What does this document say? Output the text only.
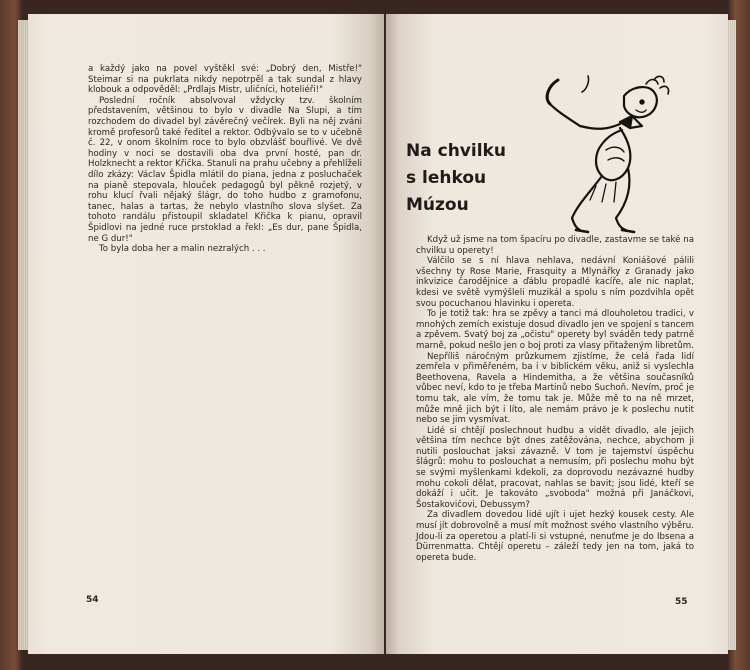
a každý jako na povel vyštěkl své: „Dobrý den, Mistře!" Steimar si na pukrlata nikdy nepotrpěl a tak sundal z hlavy klobouk a odpověděl: „Prdlajs Mistr, uličníci, hoteliéři!"

Poslední ročník absolvoval vždycky tzv. školním představením, většinou to bylo v divadle Na Slupi, a tím rozchodem do divadel byl závěrečný večírek. Byli na něj zváni kromě profesorů také ředitel a rektor. Odbývalo se to v učebně č. 22, v onom školním roce to bylo obzvlášť bouřlivé. Ve dvě hodiny v noci se dostavili oba dva první hosté, pan dr. Holzknecht a rektor Křička. Stanuli na prahu učebny a přehlíželi dílo zkázy: Václav Špidla mlátil do piana, jedna z posluchaček na pianě stepovala, hlouček pedagogů byl pěkně rozjetý, v rohu klucí řvali nějaký šlágr, do toho hudbo z gramofonu, tanec, halas a tartas, že nebylo vlastního slova slyšet. Za tohoto randálu přistoupil skladatel Křička k pianu, opravil Špidlovi na jedné ruce prstoklad a řekl: „Es dur, pane Špidla, ne G dur!"

To byla doba her a malin nezralých . . .

54
Na chvilku
s lehkou
Múzou

Když už jsme na tom špacíru po divadle, zastavme se také na chvilku u operety!

Válčilo se s ní hlava nehlava, nedávní Koniášové pálili všechny ty Rose Marie, Frasquity a Mlynářky z Granady jako inkvizice čarodějnice a ďáblu propadlé kacíře, ale nic naplat, kdesi ve světě vymýšleli muzikál a spolu s ním pozdvihla opět svou pocuchanou hlavinku i opereta.

To je totiž tak: hra se zpěvy a tanci má dlouholetou tradici, v mnohých zemích existuje dosud divadlo jen ve spojení s tancem a zpěvem. Svatý boj za „očistu" operety byl sváděn tedy patrně marně, pokud nešlo jen o boj proti za vlasy přitaženým libretům.

Nepříliš náročným průzkumem zjistíme, že celá řada lidí zemřela v přiměřeném, ba i v biblickém věku, aniž si vyslechla Beethovena, Ravela a Hindemitha, a že většina současníků vůbec neví, kdo to je třeba Martinů nebo Suchoň. Nevím, proč je tomu tak, ale vím, že tomu tak je. Může mě to na ně mrzet, může mně jich být i líto, ale nemám právo je k poslechu nutit nebo se jim vysmívat.

Lidé si chtějí poslechnout hudbu a vidět divadlo, ale jejich většina tím nechce být dnes zatěžována, nechce, abychom ji nutili poslouchat jaksi závazně. V tom je tajemství úspěchu šlágrů: mohu to poslouchat a nemusím, při poslechu mohu být se svými myšlenkami kdekoli, za doprovodu nezávazné hudby mohu cokoli dělat, pracovat, nahlas se bavit; jsou lidé, kteří se dokáží i učit. Je takováto „svoboda" možná při Janáčkovi, Šostakovičovi, Debussym?

Za divadlem dovedou lidé ujít i ujet hezký kousek cesty. Ale musí jít dobrovolně a musí mít možnost svého vlastního výběru. Jdou-li za operetou a platí-li si vstupné, nenuťme je do Ibsena a Dürrenmatta. Chtějí operetu – záleží tedy jen na tom, jaká to opereta bude.

55
